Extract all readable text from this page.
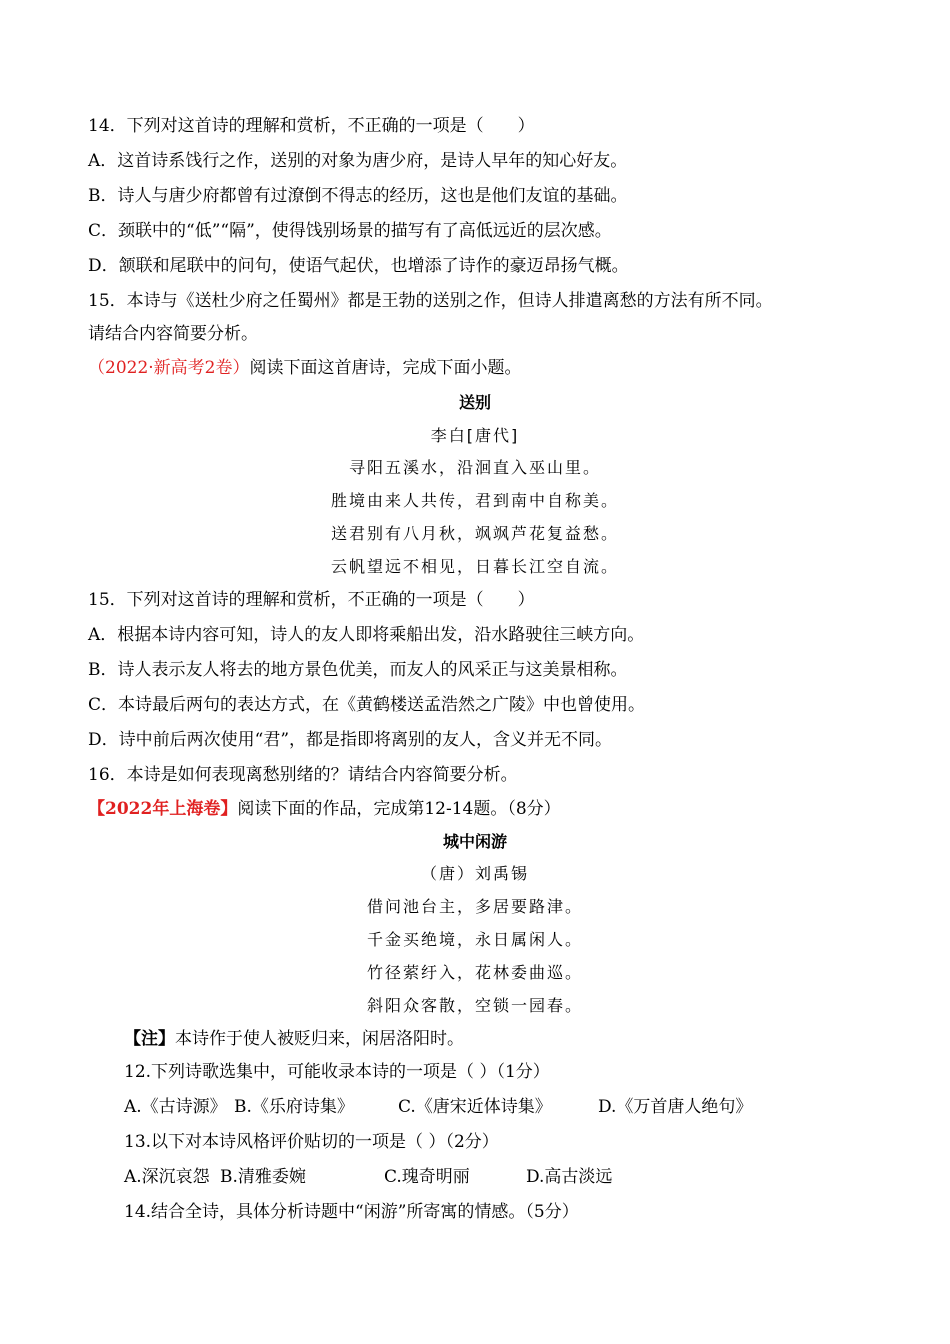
14．下列对这首诗的理解和赏析，不正确的一项是（　　）
A．这首诗系饯行之作，送别的对象为唐少府，是诗人早年的知心好友。
B．诗人与唐少府都曾有过潦倒不得志的经历，这也是他们友谊的基础。
C．颈联中的“低”“隔”，使得饯别场景的描写有了高低远近的层次感。
D．颔联和尾联中的问句，使语气起伏，也增添了诗作的豪迈昂扬气概。
15．本诗与《送杜少府之任蜀州》都是王勃的送别之作，但诗人排遣离愁的方法有所不同。
请结合内容简要分析。
（2022·新高考2卷）阅读下面这首唐诗，完成下面小题。
送别
李白[唐代]
寻阳五溪水，沿洄直入巫山里。
胜境由来人共传，君到南中自称美。
送君别有八月秋，飒飒芦花复益愁。
云帆望远不相见，日暮长江空自流。
15．下列对这首诗的理解和赏析，不正确的一项是（　　）
A．根据本诗内容可知，诗人的友人即将乘船出发，沿水路驶往三峡方向。
B．诗人表示友人将去的地方景色优美，而友人的风采正与这美景相称。
C．本诗最后两句的表达方式，在《黄鹤楼送孟浩然之广陵》中也曾使用。
D．诗中前后两次使用“君”，都是指即将离别的友人，含义并无不同。
16．本诗是如何表现离愁别绪的？请结合内容简要分析。
【2022年上海卷】阅读下面的作品，完成第12-14题。（8分）
城中闲游
（唐）刘禹锡
借问池台主，多居要路津。
千金买绝境，永日属闲人。
竹径萦纡入，花林委曲巡。
斜阳众客散，空锁一园春。
【注】本诗作于使人被贬归来，闲居洛阳时。
12.下列诗歌选集中，可能收录本诗的一项是（ ）（1分）
A.《古诗源》 B.《乐府诗集》	C.《唐宋近体诗集》	D.《万首唐人绝句》
13.以下对本诗风格评价贴切的一项是（ ）（2分）
A.深沉哀怨 B.清雅委婉	C.瑰奇明丽	D.高古淡远
14.结合全诗，具体分析诗题中“闲游”所寄寓的情感。（5分）
